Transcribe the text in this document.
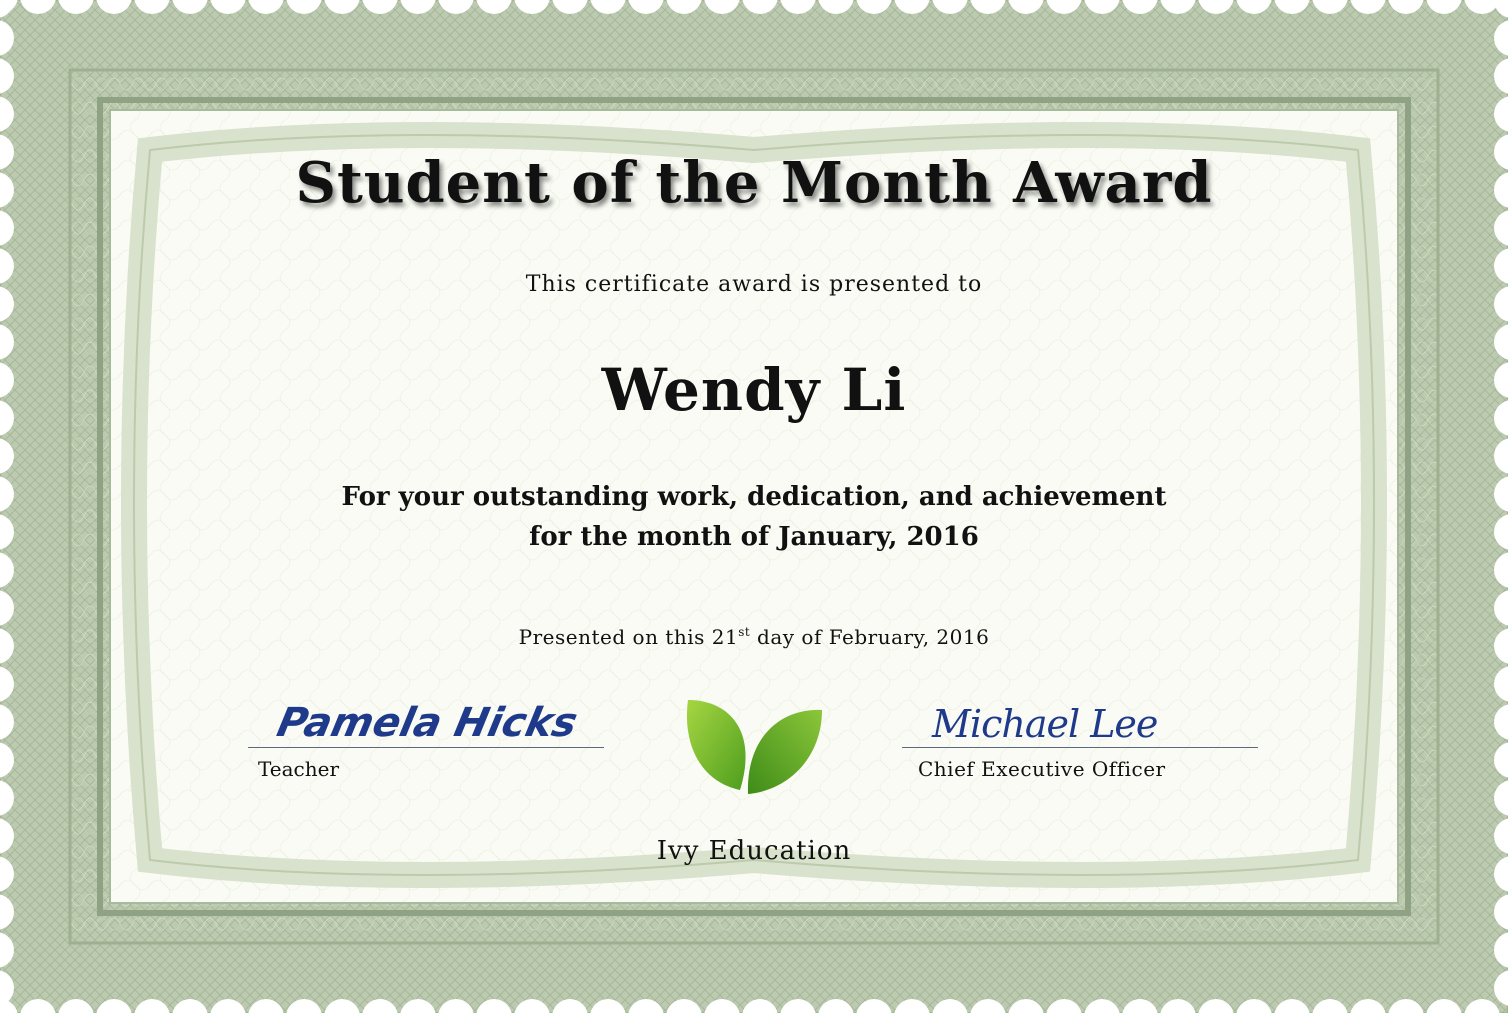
Student of the Month Award
This certificate award is presented to
Wendy Li
For your outstanding work, dedication, and achievement
for the month of January, 2016
Presented on this 21st day of February, 2016
Pamela Hicks
Teacher
Michael Lee
Chief Executive Officer
Ivy Education
